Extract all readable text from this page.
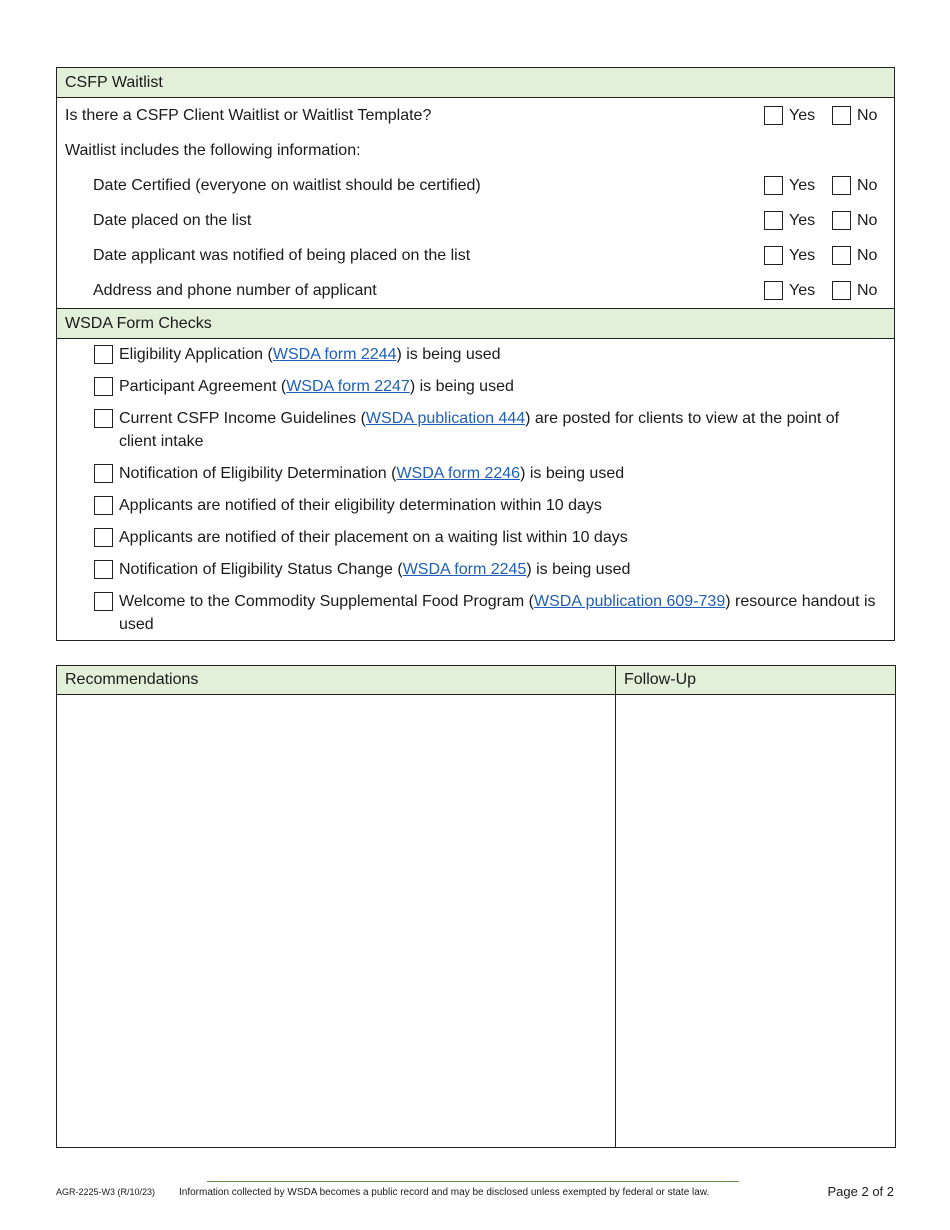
CSFP Waitlist
Is there a CSFP Client Waitlist or Waitlist Template?	Yes	No
Waitlist includes the following information:
Date Certified (everyone on waitlist should be certified)	Yes	No
Date placed on the list	Yes	No
Date applicant was notified of being placed on the list	Yes	No
Address and phone number of applicant	Yes	No
WSDA Form Checks
Eligibility Application (WSDA form 2244) is being used
Participant Agreement (WSDA form 2247) is being used
Current CSFP Income Guidelines (WSDA publication 444) are posted for clients to view at the point of client intake
Notification of Eligibility Determination (WSDA form 2246) is being used
Applicants are notified of their eligibility determination within 10 days
Applicants are notified of their placement on a waiting list within 10 days
Notification of Eligibility Status Change (WSDA form 2245) is being used
Welcome to the Commodity Supplemental Food Program (WSDA publication 609-739) resource handout is used
Recommendations	Follow-Up

AGR-2225-W3 (R/10/23) Information collected by WSDA becomes a public record and may be disclosed unless exempted by federal or state law.	Page 2 of 2
